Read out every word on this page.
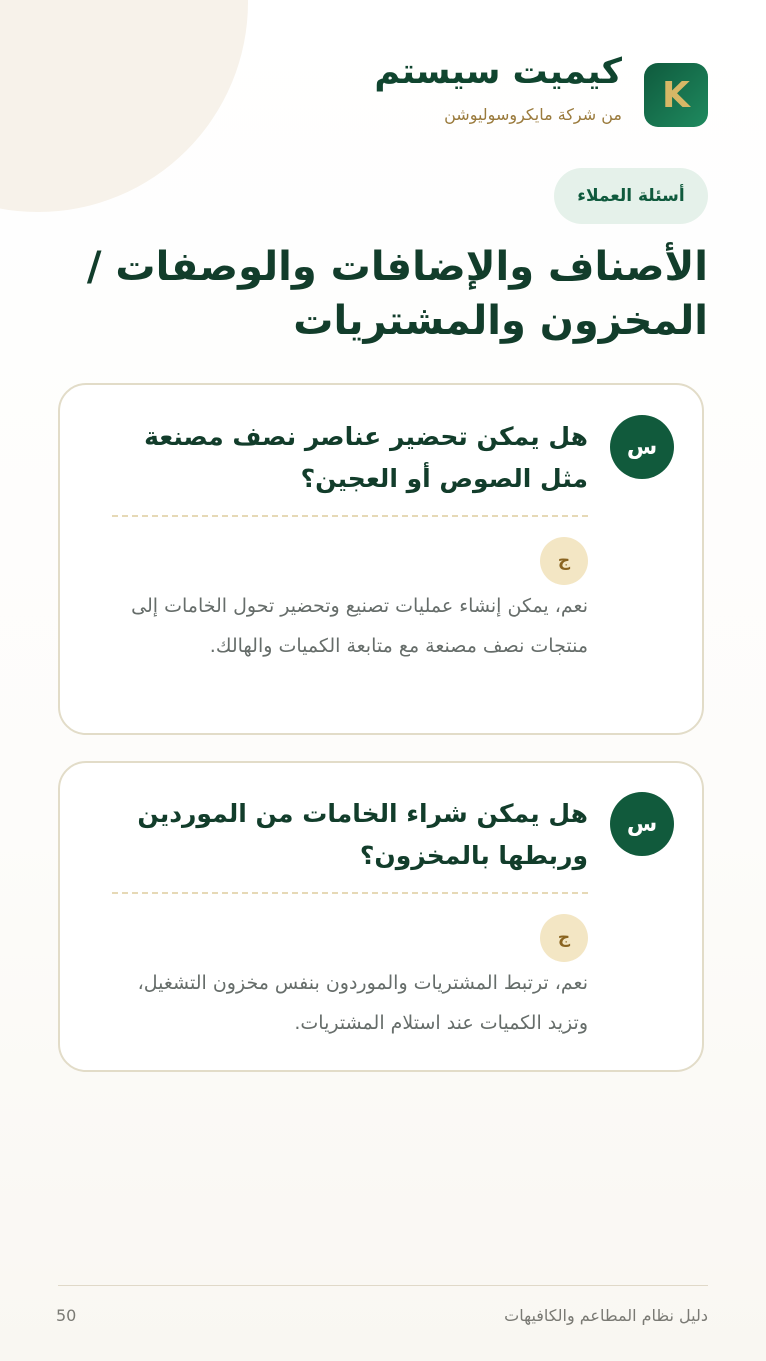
K
كيميت سيستم
من شركة مايكروسوليوشن
أسئلة العملاء
الأصناف والإضافات والوصفات / المخزون والمشتريات
س

هل يمكن تحضير عناصر نصف مصنعة مثل الصوص أو العجين؟

ج

نعم، يمكن إنشاء عمليات تصنيع وتحضير تحول الخامات إلى منتجات نصف مصنعة مع متابعة الكميات والهالك.

س

هل يمكن شراء الخامات من الموردين وربطها بالمخزون؟

ج

نعم، ترتبط المشتريات والموردون بنفس مخزون التشغيل، وتزيد الكميات عند استلام المشتريات.

دليل نظام المطاعم والكافيهات
50
